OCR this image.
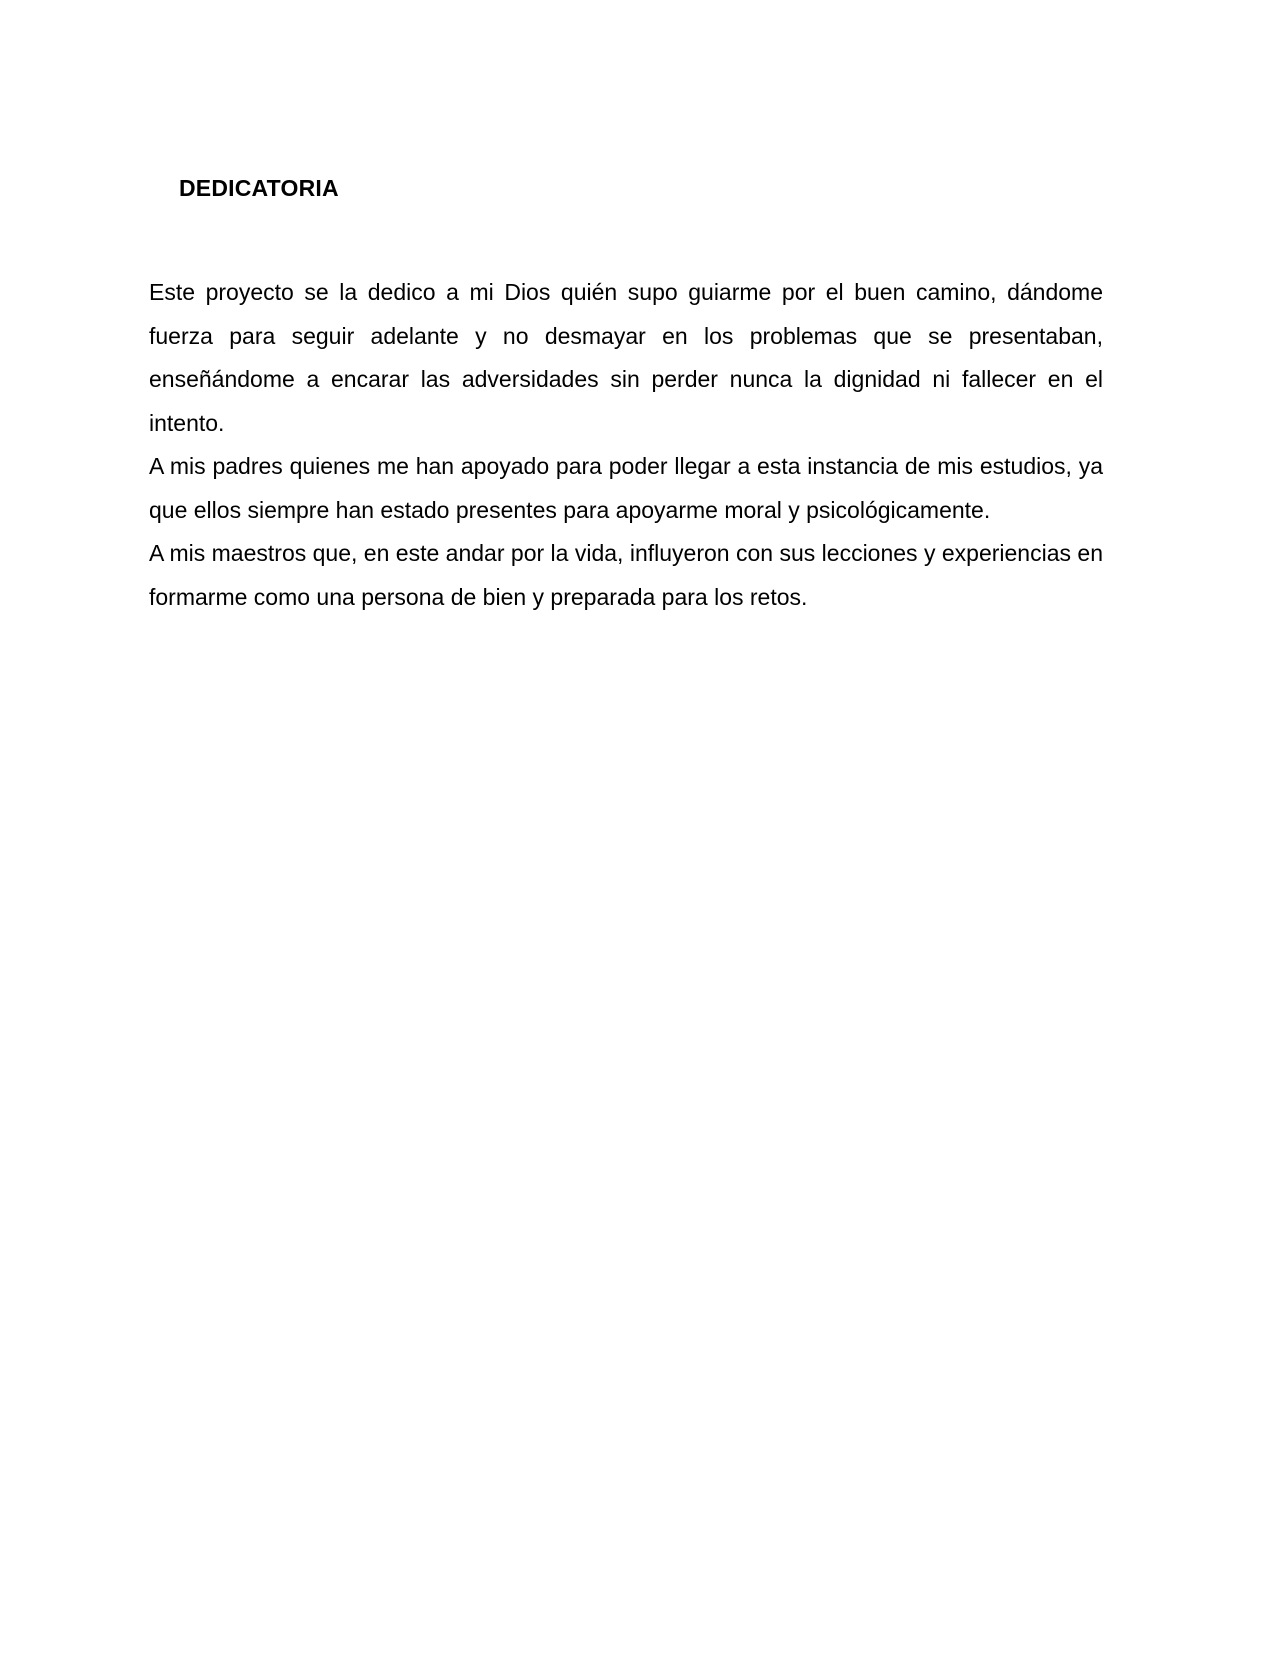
DEDICATORIA

Este proyecto se la dedico a mi Dios quién supo guiarme por el buen camino, dándome fuerza para seguir adelante y no desmayar en los problemas que se presentaban, enseñándome a encarar las adversidades sin perder nunca la dignidad ni fallecer en el intento.

A mis padres quienes me han apoyado para poder llegar a esta instancia de mis estudios, ya que ellos siempre han estado presentes para apoyarme moral y psicológicamente.

A mis maestros que, en este andar por la vida, influyeron con sus lecciones y experiencias en formarme como una persona de bien y preparada para los retos.
